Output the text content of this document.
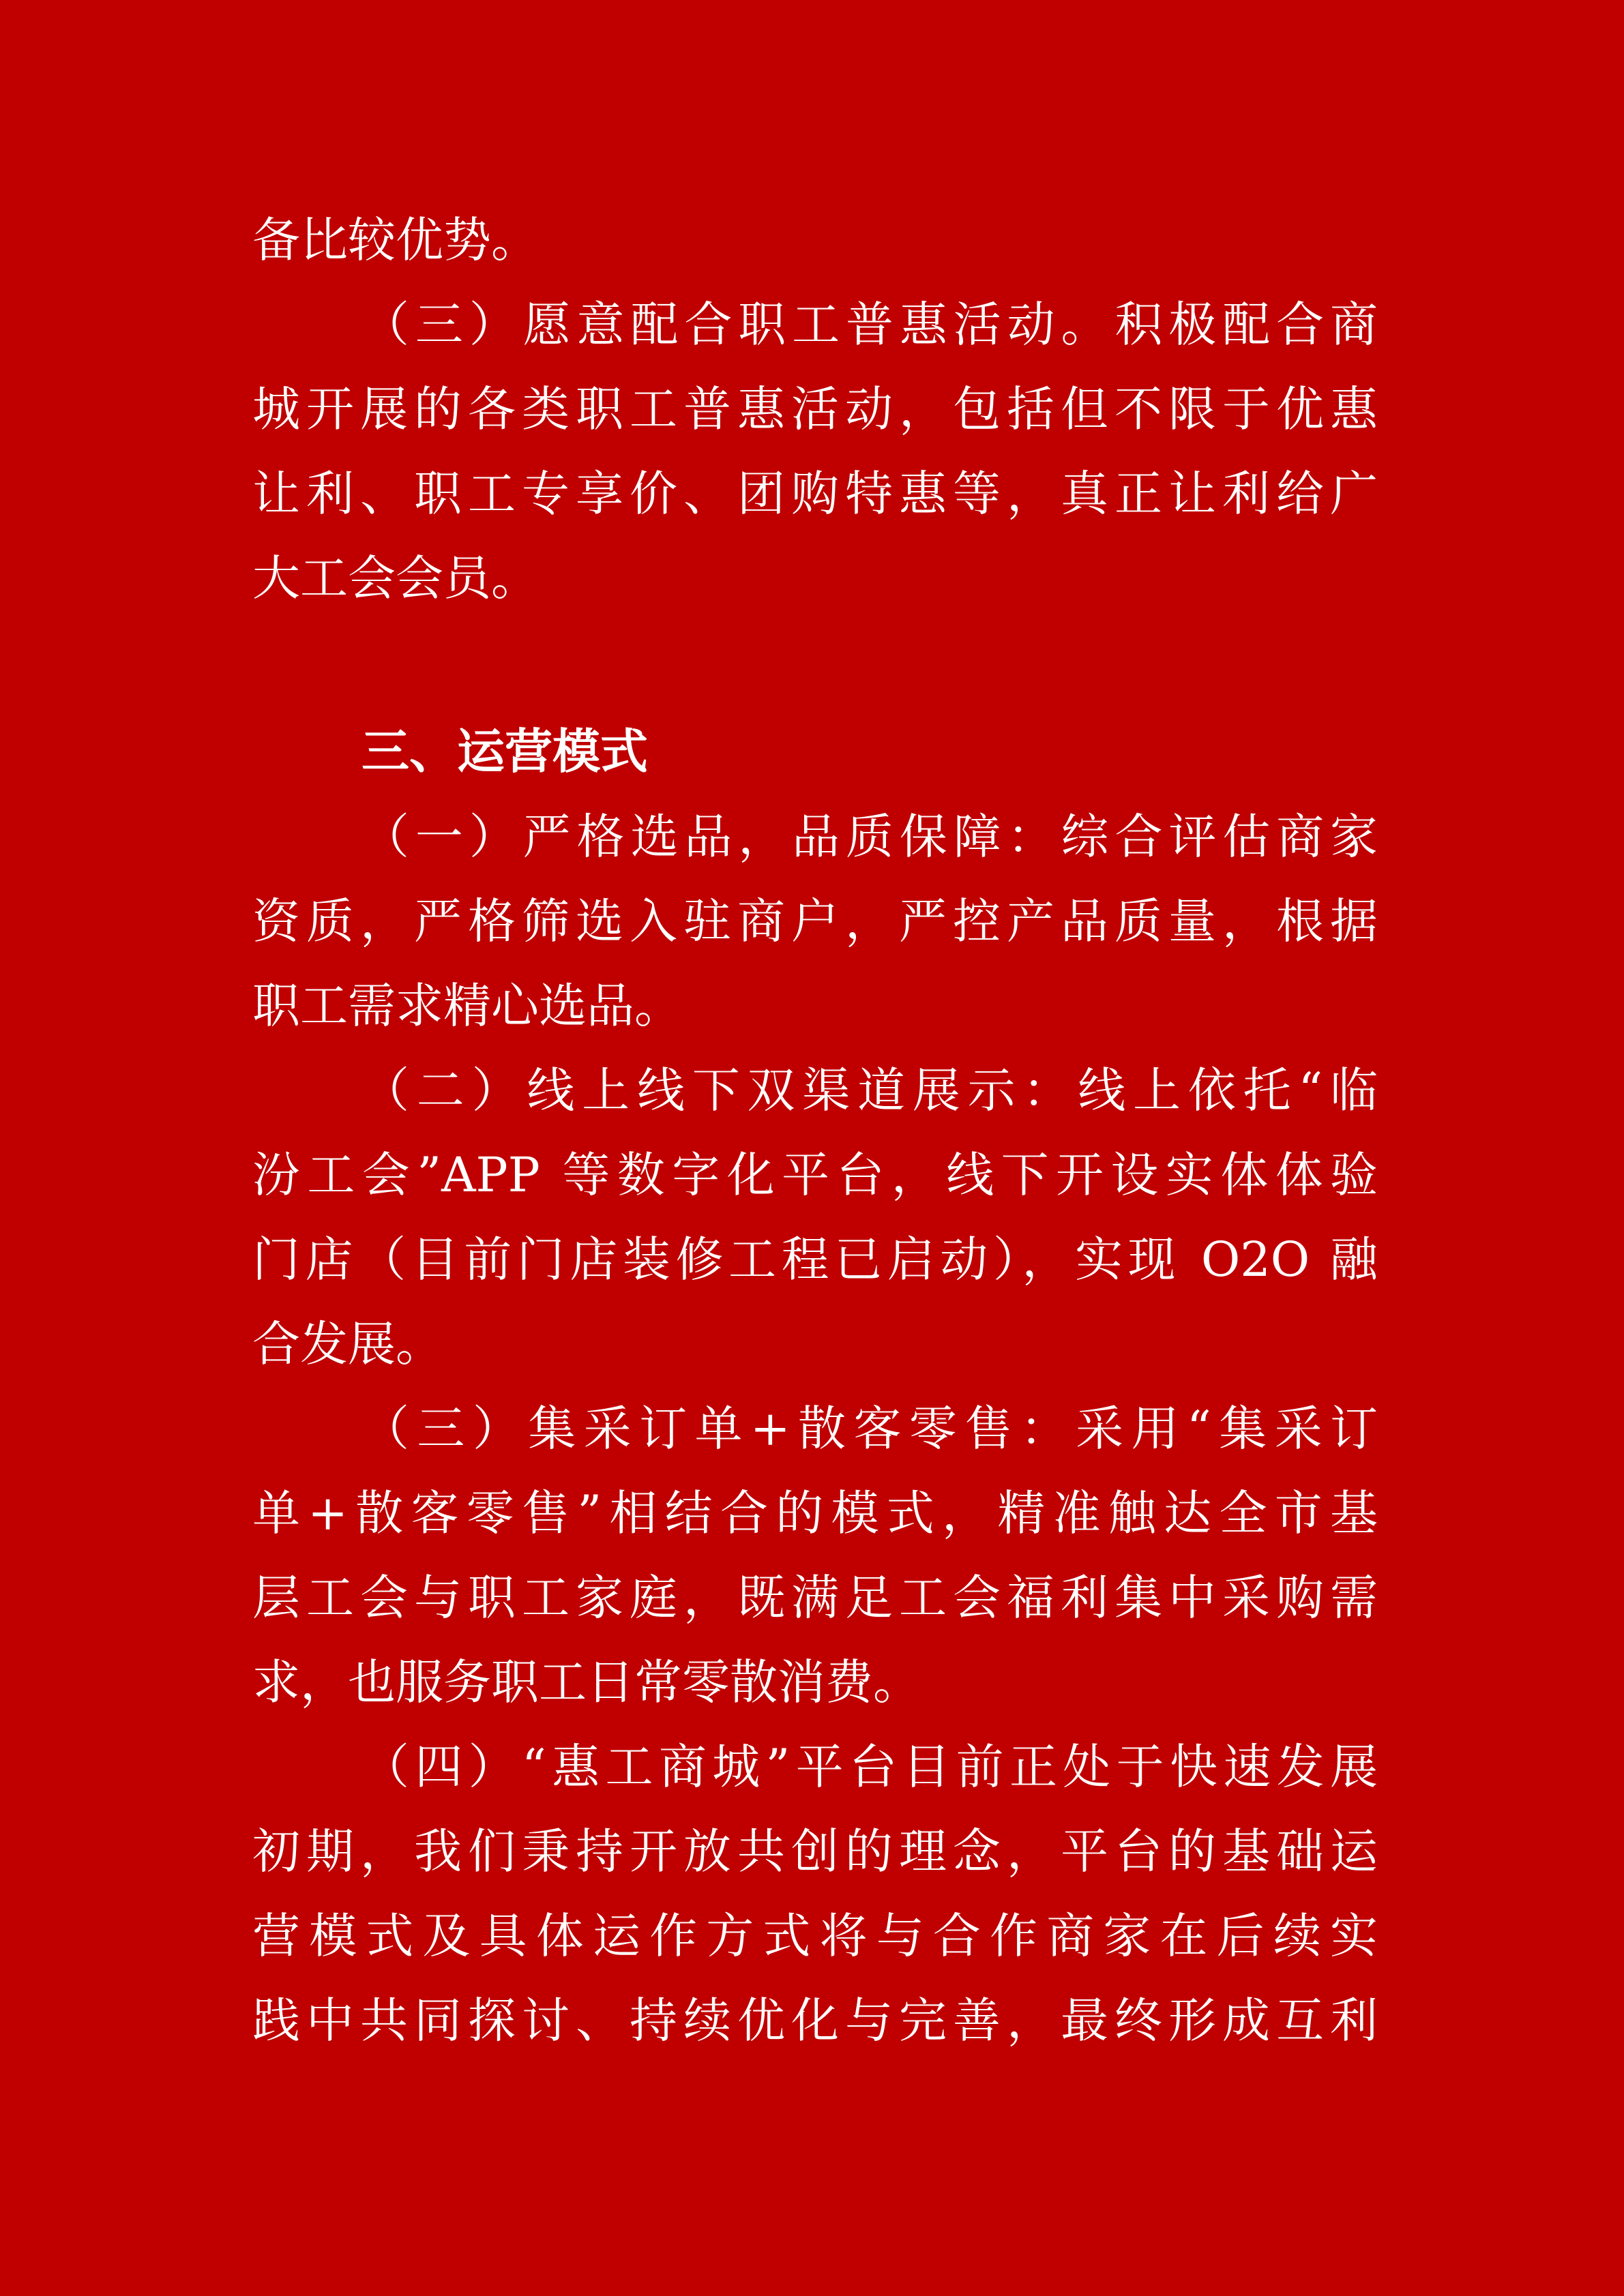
备比较优势。
（三）愿意配合职工普惠活动。积极配合商
城开展的各类职工普惠活动，包括但不限于优惠
让利、职工专享价、团购特惠等，真正让利给广
大工会会员。
三、运营模式
（一）严格选品，品质保障：综合评估商家
资质，严格筛选入驻商户，严控产品质量，根据
职工需求精心选品。
（二）线上线下双渠道展示：线上依托“临
汾工会”APP 等数字化平台，线下开设实体体验
门店（目前门店装修工程已启动），实现 O2O 融
合发展。
（三）集采订单+散客零售：采用“集采订
单+散客零售”相结合的模式，精准触达全市基
层工会与职工家庭，既满足工会福利集中采购需
求，也服务职工日常零散消费。
（四）“惠工商城”平台目前正处于快速发展
初期，我们秉持开放共创的理念，平台的基础运
营模式及具体运作方式将与合作商家在后续实
践中共同探讨、持续优化与完善，最终形成互利
